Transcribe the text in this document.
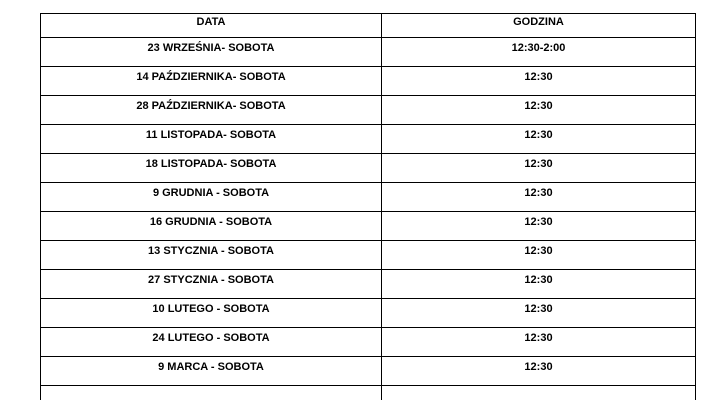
DATA	GODZINA
23 WRZEŚNIA- SOBOTA	12:30-2:00
14 PAŹDZIERNIKA- SOBOTA	12:30
28 PAŹDZIERNIKA- SOBOTA	12:30
11 LISTOPADA- SOBOTA	12:30
18 LISTOPADA- SOBOTA	12:30
9 GRUDNIA - SOBOTA	12:30
16 GRUDNIA - SOBOTA	12:30
13 STYCZNIA - SOBOTA	12:30
27 STYCZNIA - SOBOTA	12:30
10 LUTEGO - SOBOTA	12:30
24 LUTEGO - SOBOTA	12:30
9 MARCA - SOBOTA	12:30
